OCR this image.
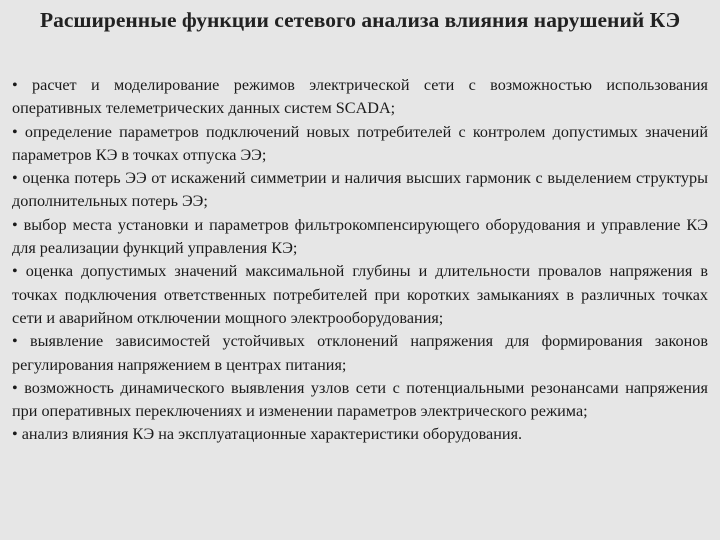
Расширенные функции сетевого анализа влияния нарушений КЭ
• расчет и моделирование режимов электрической сети с возможностью использования оперативных телеметрических данных систем SCADA;
• определение параметров подключений новых потребителей с контролем допустимых значений параметров КЭ в точках отпуска ЭЭ;
• оценка потерь ЭЭ от искажений симметрии и наличия высших гармоник с выделением структуры дополнительных потерь ЭЭ;
• выбор места установки и параметров фильтрокомпенсирующего оборудования и управление КЭ для реализации функций управления КЭ;
• оценка допустимых значений максимальной глубины и длительности провалов напряжения в точках подключения ответственных потребителей при коротких замыканиях в различных точках сети и аварийном отключении мощного электрооборудования;
• выявление зависимостей устойчивых отклонений напряжения для формирования законов регулирования напряжением в центрах питания;
• возможность динамического выявления узлов сети с потенциальными резонансами напряжения при оперативных переключениях и изменении параметров электрического режима;
• анализ влияния КЭ на эксплуатационные характеристики оборудования.
